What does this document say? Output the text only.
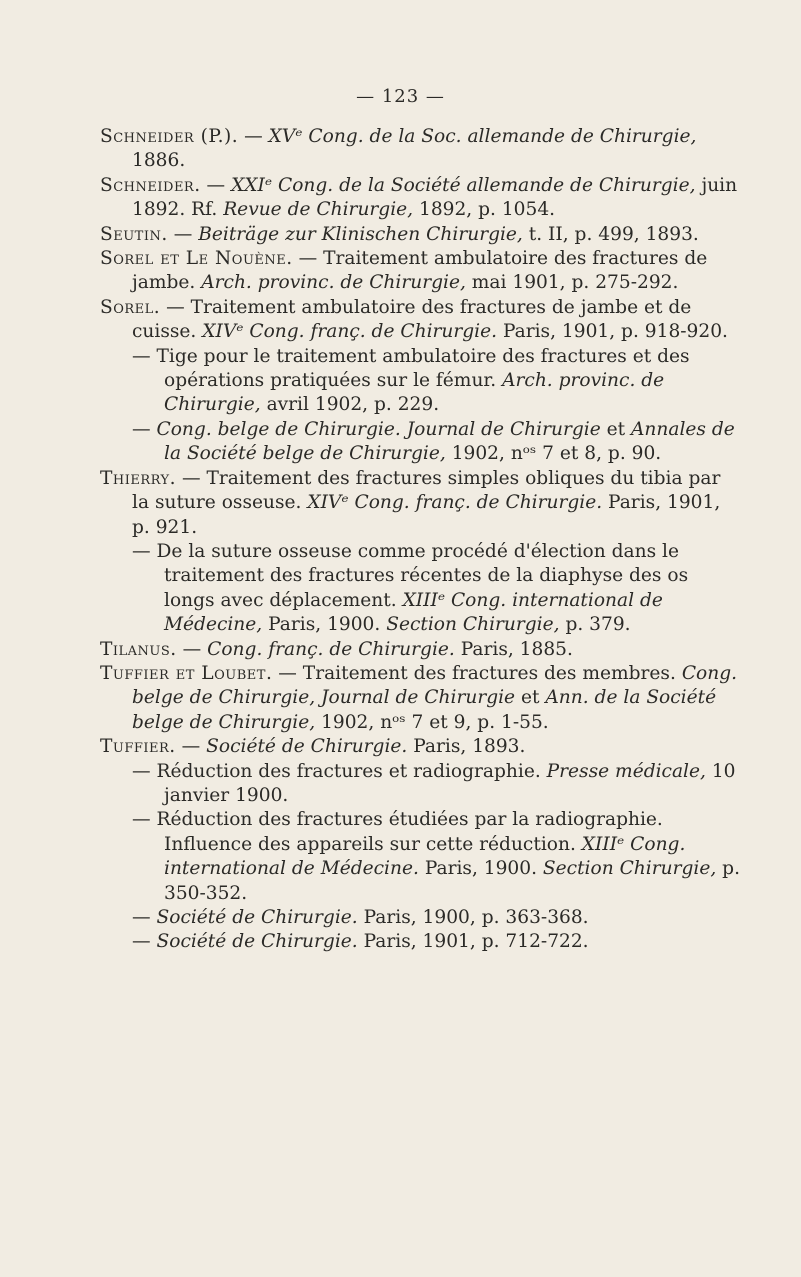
— 123 —

Schneider (P.). — XVᵉ Cong. de la Soc. allemande de Chirurgie, 1886.

Schneider. — XXIᵉ Cong. de la Société allemande de Chirurgie, juin 1892. Rf. Revue de Chirurgie, 1892, p. 1054.

Seutin. — Beiträge zur Klinischen Chirurgie, t. II, p. 499, 1893.

Sorel et Le Nouène. — Traitement ambulatoire des fractures de jambe. Arch. provinc. de Chirurgie, mai 1901, p. 275-292.

Sorel. — Traitement ambulatoire des fractures de jambe et de cuisse. XIVᵉ Cong. franç. de Chirurgie. Paris, 1901, p. 918-920.

— Tige pour le traitement ambulatoire des fractures et des opérations pratiquées sur le fémur. Arch. provinc. de Chirurgie, avril 1902, p. 229.

— Cong. belge de Chirurgie. Journal de Chirurgie et Annales de la Société belge de Chirurgie, 1902, nᵒˢ 7 et 8, p. 90.

Thierry. — Traitement des fractures simples obliques du tibia par la suture osseuse. XIVᵉ Cong. franç. de Chirurgie. Paris, 1901, p. 921.

— De la suture osseuse comme procédé d'élection dans le traitement des fractures récentes de la diaphyse des os longs avec déplacement. XIIIᵉ Cong. international de Médecine, Paris, 1900. Section Chirurgie, p. 379.

Tilanus. — Cong. franç. de Chirurgie. Paris, 1885.

Tuffier et Loubet. — Traitement des fractures des membres. Cong. belge de Chirurgie, Journal de Chirurgie et Ann. de la Société belge de Chirurgie, 1902, nᵒˢ 7 et 9, p. 1-55.

Tuffier. — Société de Chirurgie. Paris, 1893.

— Réduction des fractures et radiographie. Presse médicale, 10 janvier 1900.

— Réduction des fractures étudiées par la radiographie. Influence des appareils sur cette réduction. XIIIᵉ Cong. international de Médecine. Paris, 1900. Section Chirurgie, p. 350-352.

— Société de Chirurgie. Paris, 1900, p. 363-368.

— Société de Chirurgie. Paris, 1901, p. 712-722.
